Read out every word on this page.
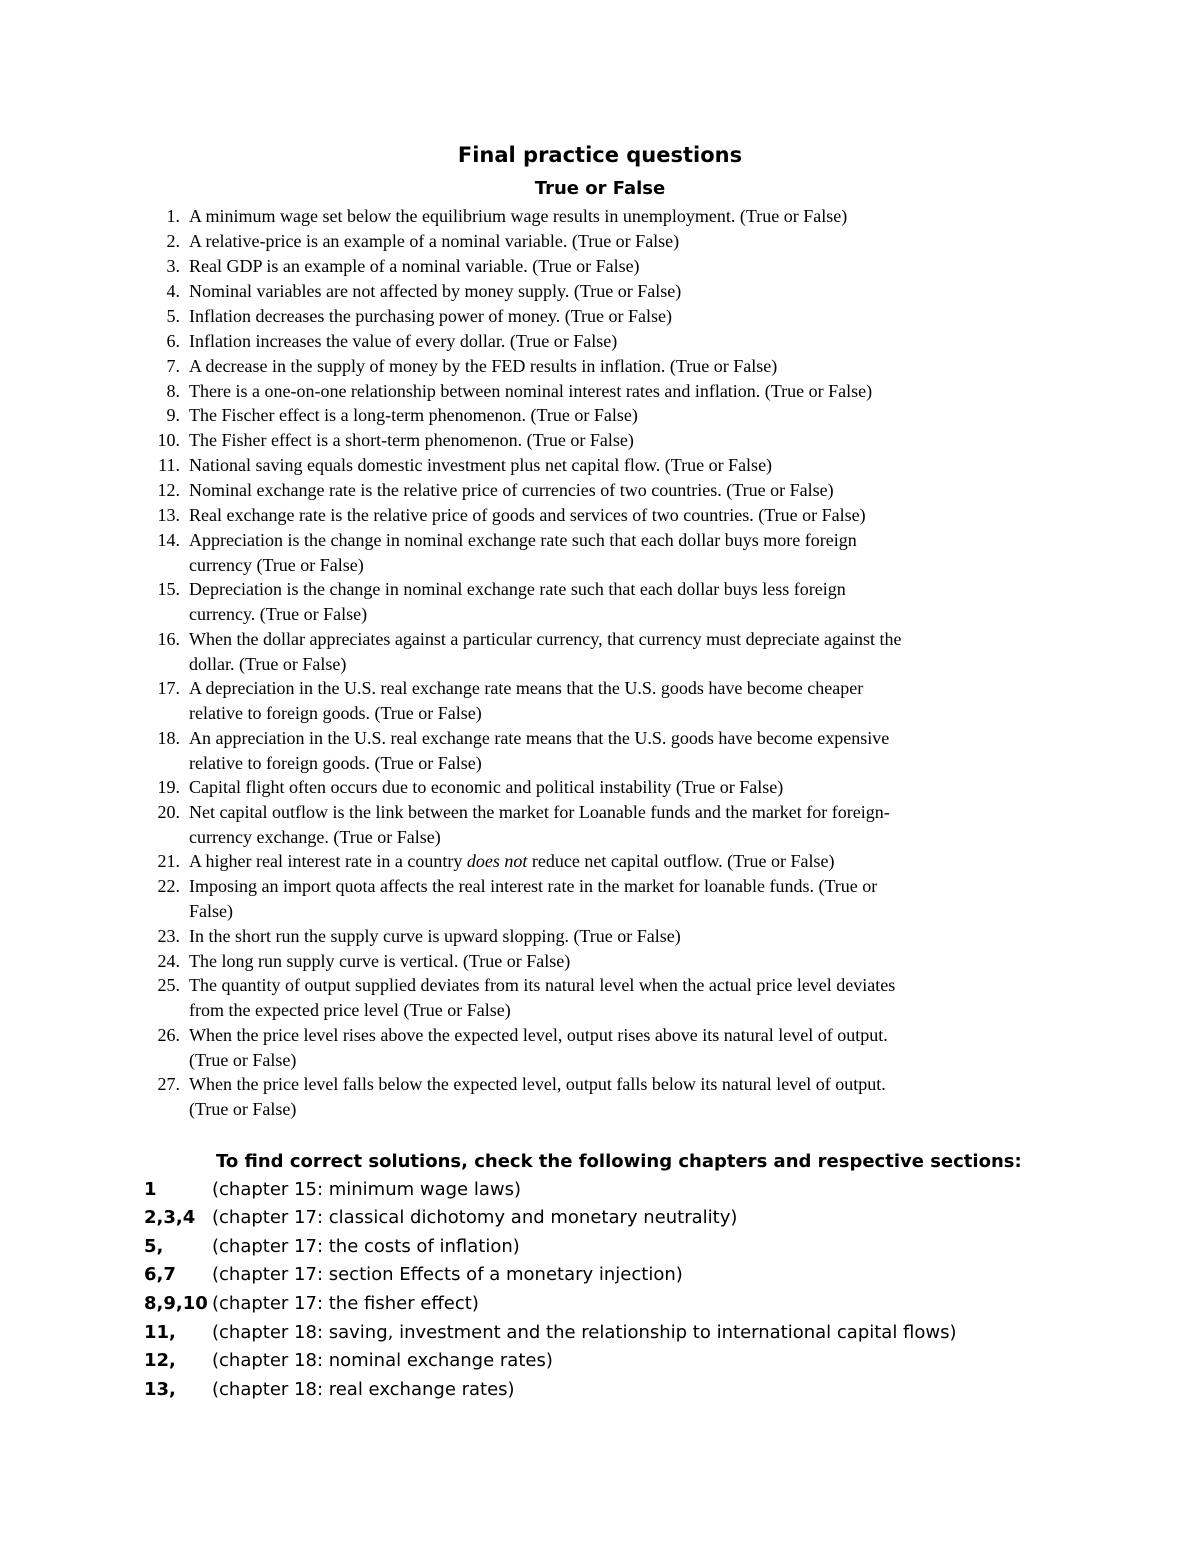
Final practice questions
True or False
1. A minimum wage set below the equilibrium wage results in unemployment. (True or False)
2. A relative-price is an example of a nominal variable. (True or False)
3. Real GDP is an example of a nominal variable. (True or False)
4. Nominal variables are not affected by money supply. (True or False)
5. Inflation decreases the purchasing power of money. (True or False)
6. Inflation increases the value of every dollar. (True or False)
7. A decrease in the supply of money by the FED results in inflation. (True or False)
8. There is a one-on-one relationship between nominal interest rates and inflation. (True or False)
9. The Fischer effect is a long-term phenomenon. (True or False)
10. The Fisher effect is a short-term phenomenon. (True or False)
11. National saving equals domestic investment plus net capital flow. (True or False)
12. Nominal exchange rate is the relative price of currencies of two countries. (True or False)
13. Real exchange rate is the relative price of goods and services of two countries. (True or False)
14. Appreciation is the change in nominal exchange rate such that each dollar buys more foreign
currency (True or False)
15. Depreciation is the change in nominal exchange rate such that each dollar buys less foreign
currency. (True or False)
16. When the dollar appreciates against a particular currency, that currency must depreciate against the
dollar. (True or False)
17. A depreciation in the U.S. real exchange rate means that the U.S. goods have become cheaper
relative to foreign goods. (True or False)
18. An appreciation in the U.S. real exchange rate means that the U.S. goods have become expensive
relative to foreign goods. (True or False)
19. Capital flight often occurs due to economic and political instability (True or False)
20. Net capital outflow is the link between the market for Loanable funds and the market for foreign-
currency exchange. (True or False)
21. A higher real interest rate in a country does not reduce net capital outflow. (True or False)
22. Imposing an import quota affects the real interest rate in the market for loanable funds. (True or
False)
23. In the short run the supply curve is upward slopping. (True or False)
24. The long run supply curve is vertical. (True or False)
25. The quantity of output supplied deviates from its natural level when the actual price level deviates
from the expected price level (True or False)
26. When the price level rises above the expected level, output rises above its natural level of output.
(True or False)
27. When the price level falls below the expected level, output falls below its natural level of output.
(True or False)
To find correct solutions, check the following chapters and respective sections:
1	(chapter 15: minimum wage laws)
2,3,4 (chapter 17: classical dichotomy and monetary neutrality)
5,	(chapter 17: the costs of inflation)
6,7 (chapter 17: section Effects of a monetary injection)
8,9,10 (chapter 17: the fisher effect)
11, (chapter 18: saving, investment and the relationship to international capital flows)
12, (chapter 18: nominal exchange rates)
13, (chapter 18: real exchange rates)
